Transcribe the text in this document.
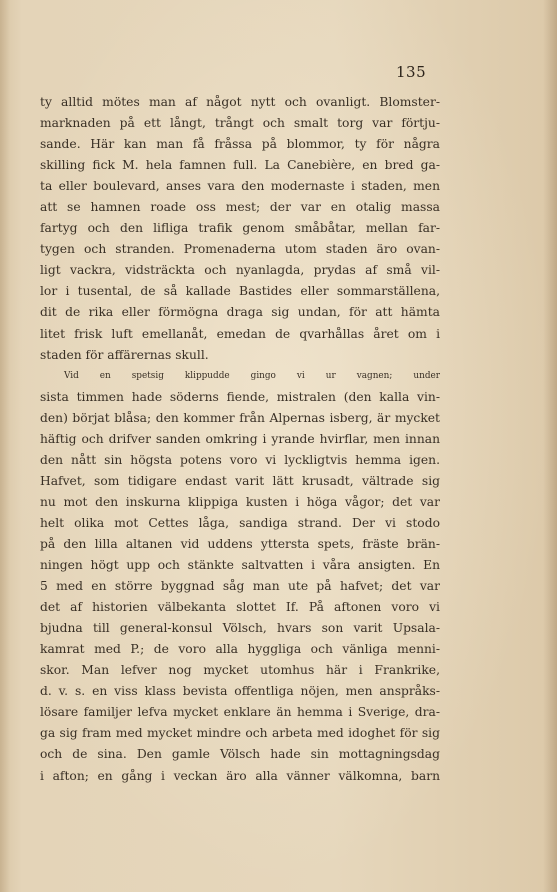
135
ty alltid mötes man af något nytt och ovanligt. Blomster-
marknaden på ett långt, trångt och smalt torg var förtju-
sande. Här kan man få fråssa på blommor, ty för några
skilling fick M. hela famnen full. La Canebière, en bred ga-
ta eller boulevard, anses vara den modernaste i staden, men
att se hamnen roade oss mest; der var en otalig massa
fartyg och den lifliga trafik genom småbåtar, mellan far-
tygen och stranden. Promenaderna utom staden äro ovan-
ligt vackra, vidsträckta och nyanlagda, prydas af små vil-
lor i tusental, de så kallade Bastides eller sommarställena,
dit de rika eller förmögna draga sig undan, för att hämta
litet frisk luft emellanåt, emedan de qvarhållas året om i
staden för affärernas skull.
Vid en spetsig klippudde gingo vi ur vagnen; under
sista timmen hade söderns fiende, mistralen (den kalla vin-
den) börjat blåsa; den kommer från Alpernas isberg, är mycket
häftig och drifver sanden omkring i yrande hvirflar, men innan
den nått sin högsta potens voro vi lyckligtvis hemma igen.
Hafvet, som tidigare endast varit lätt krusadt, vältrade sig
nu mot den inskurna klippiga kusten i höga vågor; det var
helt olika mot Cettes låga, sandiga strand. Der vi stodo
på den lilla altanen vid uddens yttersta spets, fräste brän-
ningen högt upp och stänkte saltvatten i våra ansigten. En
5 med en större byggnad såg man ute på hafvet; det var
det af historien välbekanta slottet If. På aftonen voro vi
bjudna till general-konsul Völsch, hvars son varit Upsala-
kamrat med P.; de voro alla hyggliga och vänliga menni-
skor. Man lefver nog mycket utomhus här i Frankrike,
d. v. s. en viss klass bevista offentliga nöjen, men anspråks-
lösare familjer lefva mycket enklare än hemma i Sverige, dra-
ga sig fram med mycket mindre och arbeta med idoghet för sig
och de sina. Den gamle Völsch hade sin mottagningsdag
i afton; en gång i veckan äro alla vänner välkomna, barn
